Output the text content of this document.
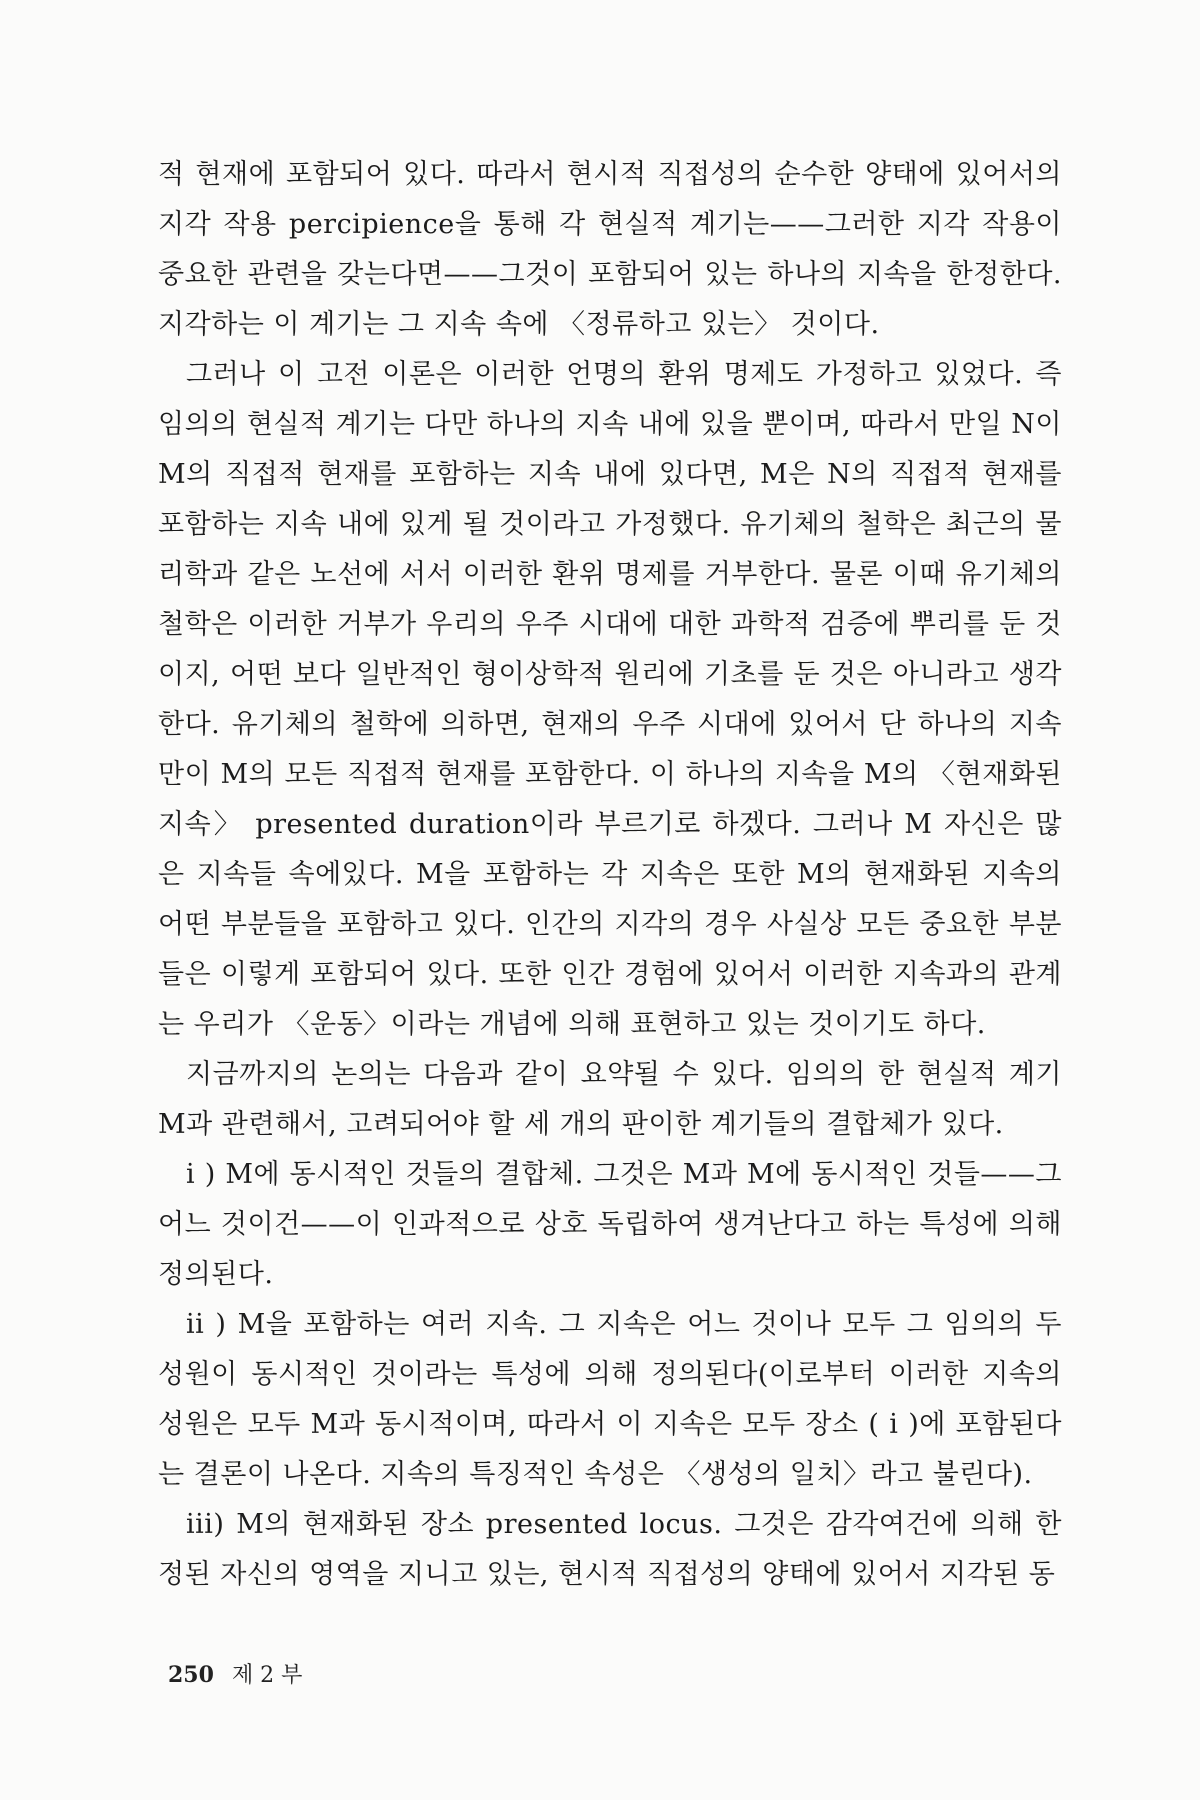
적 현재에 포함되어 있다. 따라서 현시적 직접성의 순수한 양태에 있어서의 지각 작용 percipience을 통해 각 현실적 계기는——그러한 지각 작용이 중요한 관련을 갖는다면——그것이 포함되어 있는 하나의 지속을 한정한다. 지각하는 이 계기는 그 지속 속에 〈정류하고 있는〉 것이다.

그러나 이 고전 이론은 이러한 언명의 환위 명제도 가정하고 있었다. 즉 임의의 현실적 계기는 다만 하나의 지속 내에 있을 뿐이며, 따라서 만일 N이 M의 직접적 현재를 포함하는 지속 내에 있다면, M은 N의 직접적 현재를 포함하는 지속 내에 있게 될 것이라고 가정했다. 유기체의 철학은 최근의 물리학과 같은 노선에 서서 이러한 환위 명제를 거부한다. 물론 이때 유기체의 철학은 이러한 거부가 우리의 우주 시대에 대한 과학적 검증에 뿌리를 둔 것이지, 어떤 보다 일반적인 형이상학적 원리에 기초를 둔 것은 아니라고 생각한다. 유기체의 철학에 의하면, 현재의 우주 시대에 있어서 단 하나의 지속만이 M의 모든 직접적 현재를 포함한다. 이 하나의 지속을 M의 〈현재화된 지속〉 presented duration이라 부르기로 하겠다. 그러나 M 자신은 많은 지속들 속에있다. M을 포함하는 각 지속은 또한 M의 현재화된 지속의 어떤 부분들을 포함하고 있다. 인간의 지각의 경우 사실상 모든 중요한 부분들은 이렇게 포함되어 있다. 또한 인간 경험에 있어서 이러한 지속과의 관계는 우리가 〈운동〉이라는 개념에 의해 표현하고 있는 것이기도 하다.

지금까지의 논의는 다음과 같이 요약될 수 있다. 임의의 한 현실적 계기 M과 관련해서, 고려되어야 할 세 개의 판이한 계기들의 결합체가 있다.

i ) M에 동시적인 것들의 결합체. 그것은 M과 M에 동시적인 것들——그 어느 것이건——이 인과적으로 상호 독립하여 생겨난다고 하는 특성에 의해 정의된다.

ii ) M을 포함하는 여러 지속. 그 지속은 어느 것이나 모두 그 임의의 두 성원이 동시적인 것이라는 특성에 의해 정의된다(이로부터 이러한 지속의 성원은 모두 M과 동시적이며, 따라서 이 지속은 모두 장소 ( i )에 포함된다는 결론이 나온다. 지속의 특징적인 속성은 〈생성의 일치〉라고 불린다).

iii) M의 현재화된 장소 presented locus. 그것은 감각여건에 의해 한정된 자신의 영역을 지니고 있는, 현시적 직접성의 양태에 있어서 지각된 동

250 제 2 부
